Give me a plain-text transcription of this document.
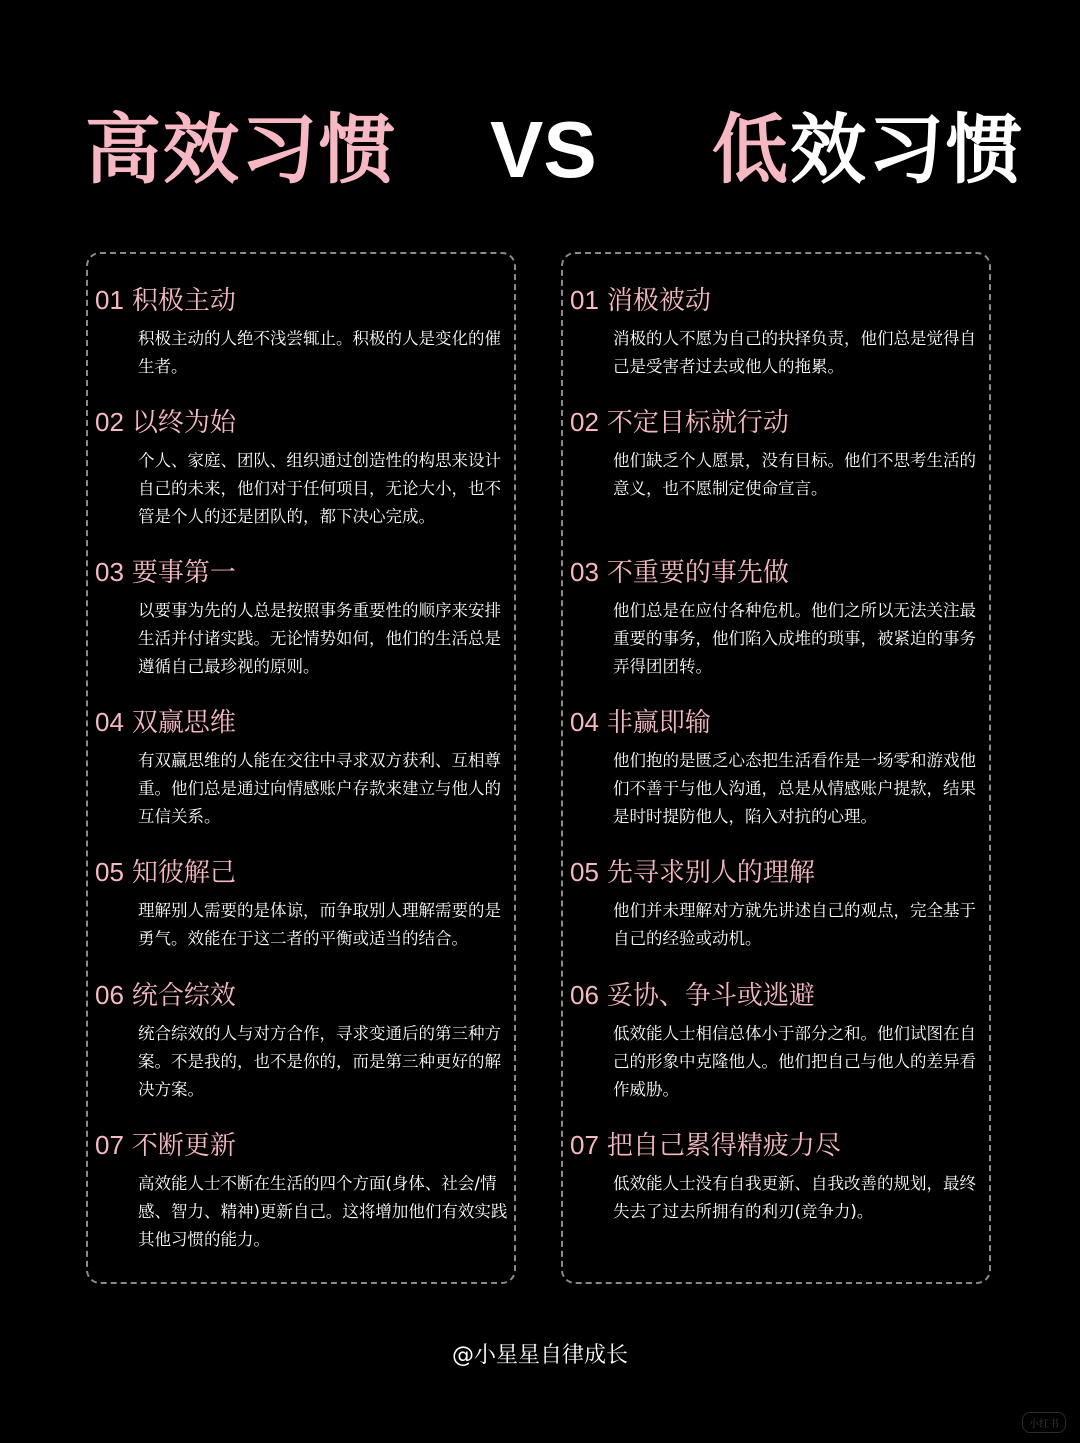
高效习惯 VS 低效习惯
01 积极主动

积极主动的人绝不浅尝辄止。积极的人是变化的催生者。

02 以终为始

个人、家庭、团队、组织通过创造性的构思来设计自己的未来，他们对于任何项目，无论大小，也不管是个人的还是团队的，都下决心完成。

03 要事第一

以要事为先的人总是按照事务重要性的顺序来安排生活并付诸实践。无论情势如何，他们的生活总是遵循自己最珍视的原则。

04 双赢思维

有双赢思维的人能在交往中寻求双方获利、互相尊重。他们总是通过向情感账户存款来建立与他人的互信关系。

05 知彼解己

理解别人需要的是体谅，而争取别人理解需要的是勇气。效能在于这二者的平衡或适当的结合。

06 统合综效

统合综效的人与对方合作，寻求变通后的第三种方案。不是我的，也不是你的，而是第三种更好的解决方案。

07 不断更新

高效能人士不断在生活的四个方面(身体、社会/情感、智力、精神)更新自己。这将增加他们有效实践其他习惯的能力。

01 消极被动

消极的人不愿为自己的抉择负责，他们总是觉得自己是受害者过去或他人的拖累。

02 不定目标就行动

他们缺乏个人愿景，没有目标。他们不思考生活的意义，也不愿制定使命宣言。

03 不重要的事先做

他们总是在应付各种危机。他们之所以无法关注最重要的事务，他们陷入成堆的琐事，被紧迫的事务弄得团团转。

04 非赢即输

他们抱的是匮乏心态把生活看作是一场零和游戏他们不善于与他人沟通，总是从情感账户提款，结果是时时提防他人，陷入对抗的心理。

05 先寻求别人的理解

他们并未理解对方就先讲述自己的观点，完全基于自己的经验或动机。

06 妥协、争斗或逃避

低效能人士相信总体小于部分之和。他们试图在自己的形象中克隆他人。他们把自己与他人的差异看作威胁。

07 把自己累得精疲力尽

低效能人士没有自我更新、自我改善的规划，最终失去了过去所拥有的利刃(竞争力)。

@小星星自律成长
小红书
